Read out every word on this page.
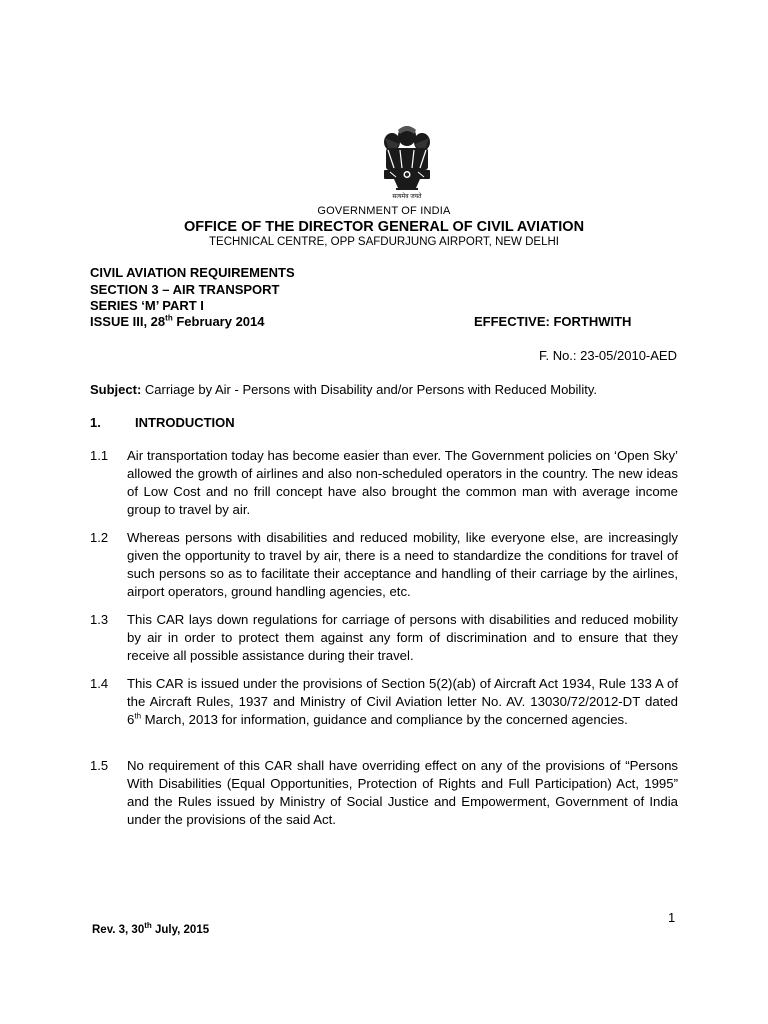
सत्यमेव जयते
GOVERNMENT OF INDIA
OFFICE OF THE DIRECTOR GENERAL OF CIVIL AVIATION
TECHNICAL CENTRE, OPP SAFDURJUNG AIRPORT, NEW DELHI
CIVIL AVIATION REQUIREMENTS
SECTION 3 – AIR TRANSPORT
SERIES ‘M’ PART I
ISSUE III, 28th February 2014	EFFECTIVE: FORTHWITH
F. No.: 23-05/2010-AED
Subject: Carriage by Air - Persons with Disability and/or Persons with Reduced Mobility.
1.	INTRODUCTION
1.1 Air transportation today has become easier than ever. The Government policies on ‘Open Sky’ allowed the growth of airlines and also non-scheduled operators in the country. The new ideas of Low Cost and no frill concept have also brought the common man with average income group to travel by air.
1.2 Whereas persons with disabilities and reduced mobility, like everyone else, are increasingly given the opportunity to travel by air, there is a need to standardize the conditions for travel of such persons so as to facilitate their acceptance and handling of their carriage by the airlines, airport operators, ground handling agencies, etc.
1.3 This CAR lays down regulations for carriage of persons with disabilities and reduced mobility by air in order to protect them against any form of discrimination and to ensure that they receive all possible assistance during their travel.
1.4 This CAR is issued under the provisions of Section 5(2)(ab) of Aircraft Act 1934, Rule 133 A of the Aircraft Rules, 1937 and Ministry of Civil Aviation letter No. AV. 13030/72/2012-DT dated 6th March, 2013 for information, guidance and compliance by the concerned agencies.
1.5 No requirement of this CAR shall have overriding effect on any of the provisions of “Persons With Disabilities (Equal Opportunities, Protection of Rights and Full Participation) Act, 1995” and the Rules issued by Ministry of Social Justice and Empowerment, Government of India under the provisions of the said Act.
1
Rev. 3, 30th July, 2015
